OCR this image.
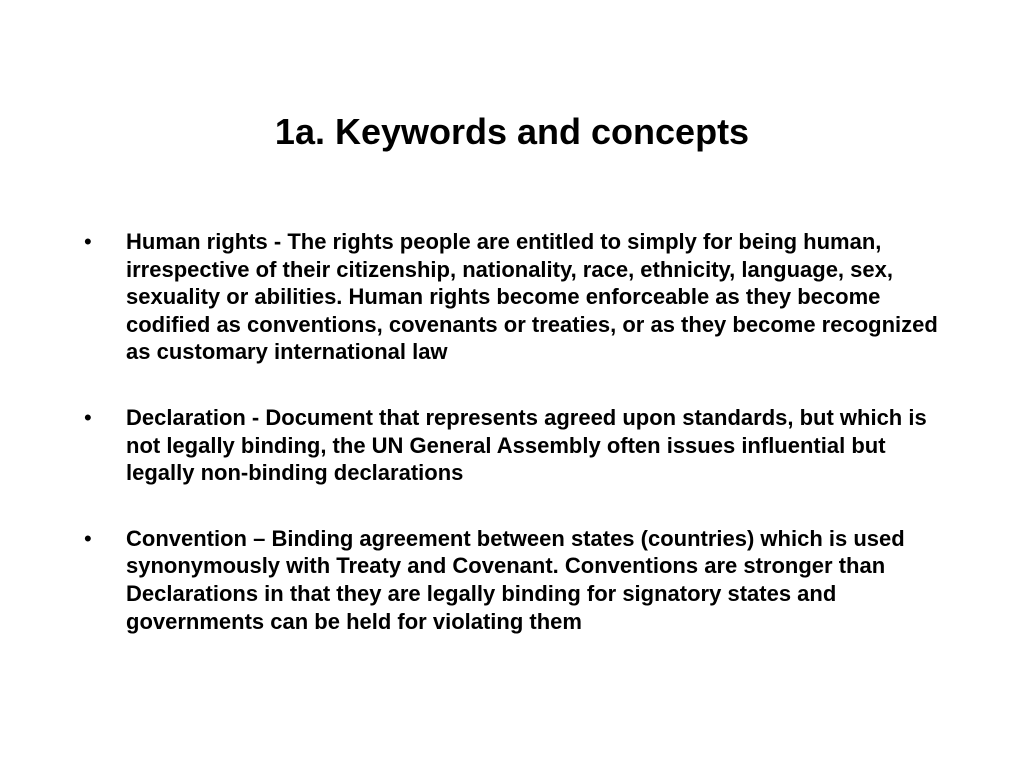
1a. Keywords and concepts
•	Human rights - The rights people are entitled to simply for being human, irrespective of their citizenship, nationality, race, ethnicity, language, sex, sexuality or abilities. Human rights become enforceable as they become codified as conventions, covenants or treaties, or as they become recognized as customary international law
•	Declaration - Document that represents agreed upon standards, but which is not legally binding, the UN General Assembly often issues influential but legally non-binding declarations
•	Convention – Binding agreement between states (countries) which is used synonymously with Treaty and Covenant. Conventions are stronger than Declarations in that they are legally binding for signatory states and governments can be held for violating them
